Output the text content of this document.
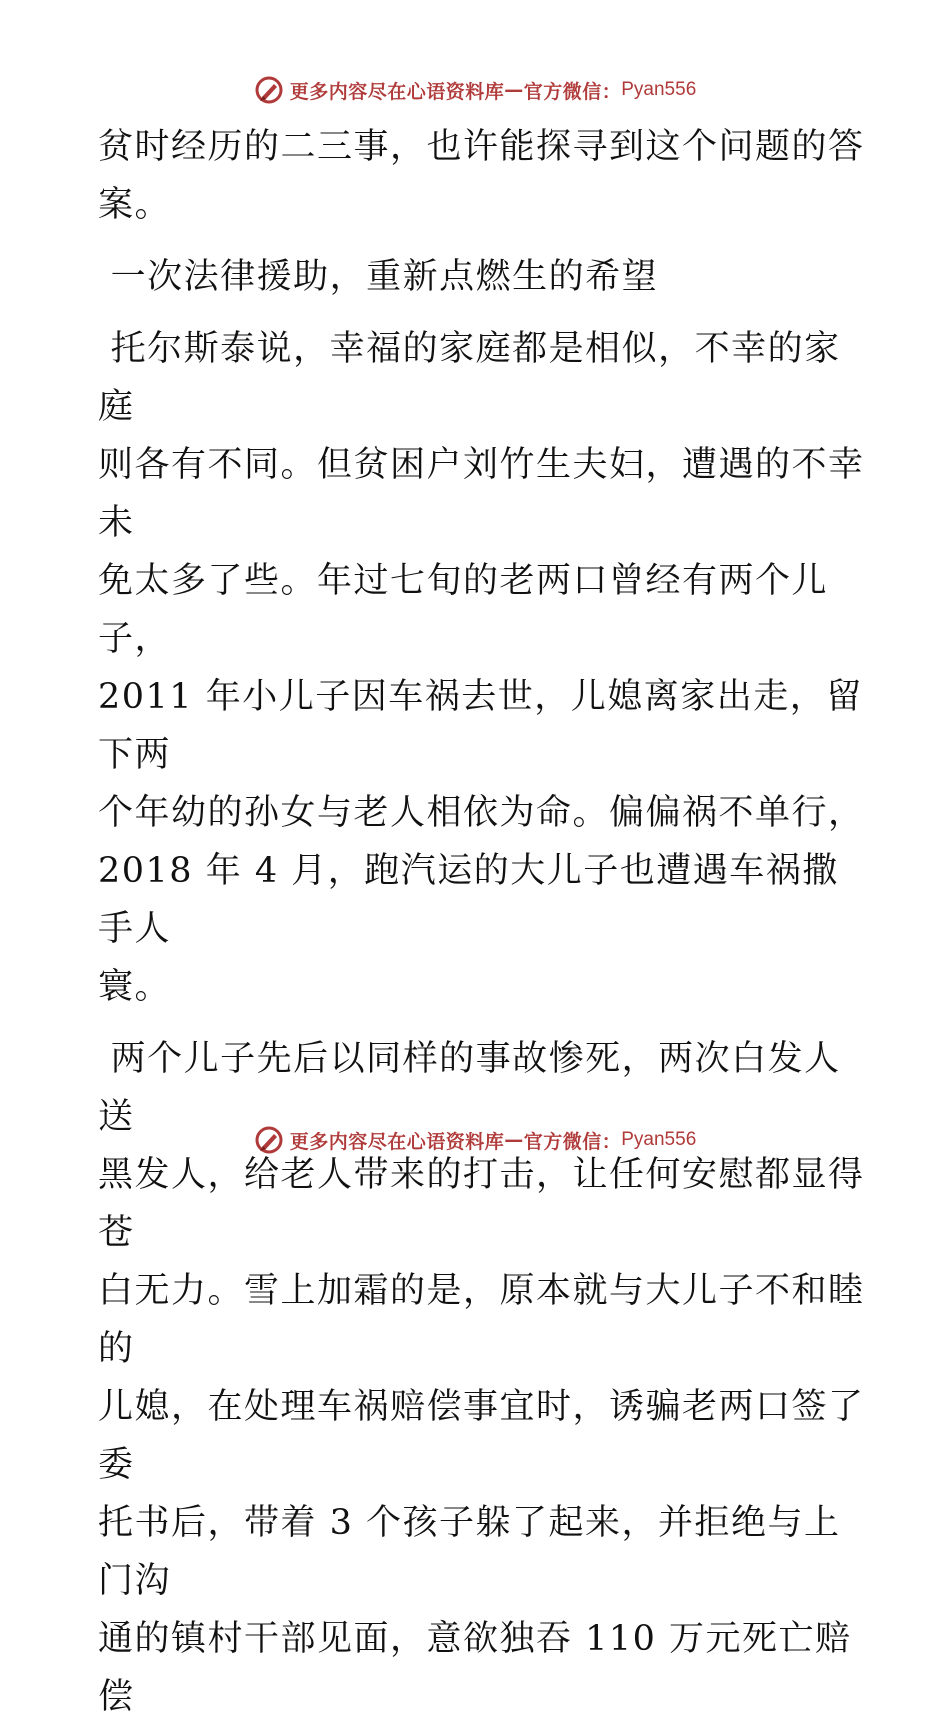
更多内容尽在心语资料库 — 官方微信： Pyan556

贫时经历的二三事，也许能探寻到这个问题的答

案。

一次法律援助，重新点燃生的希望

托尔斯泰说，幸福的家庭都是相似，不幸的家庭

则各有不同。但贫困户刘竹生夫妇，遭遇的不幸未

免太多了些。年过七旬的老两口曾经有两个儿子，

2011 年小儿子因车祸去世，儿媳离家出走，留下两

个年幼的孙女与老人相依为命。偏偏祸不单行，

2018 年 4 月，跑汽运的大儿子也遭遇车祸撒手人

寰。

两个儿子先后以同样的事故惨死，两次白发人送

黑发人，给老人带来的打击，让任何安慰都显得苍

白无力。雪上加霜的是，原本就与大儿子不和睦的

儿媳，在处理车祸赔偿事宜时，诱骗老两口签了委

托书后，带着 3 个孩子躲了起来，并拒绝与上门沟

通的镇村干部见面，意欲独吞 110 万元死亡赔偿

更多内容尽在心语资料库 — 官方微信： Pyan556
